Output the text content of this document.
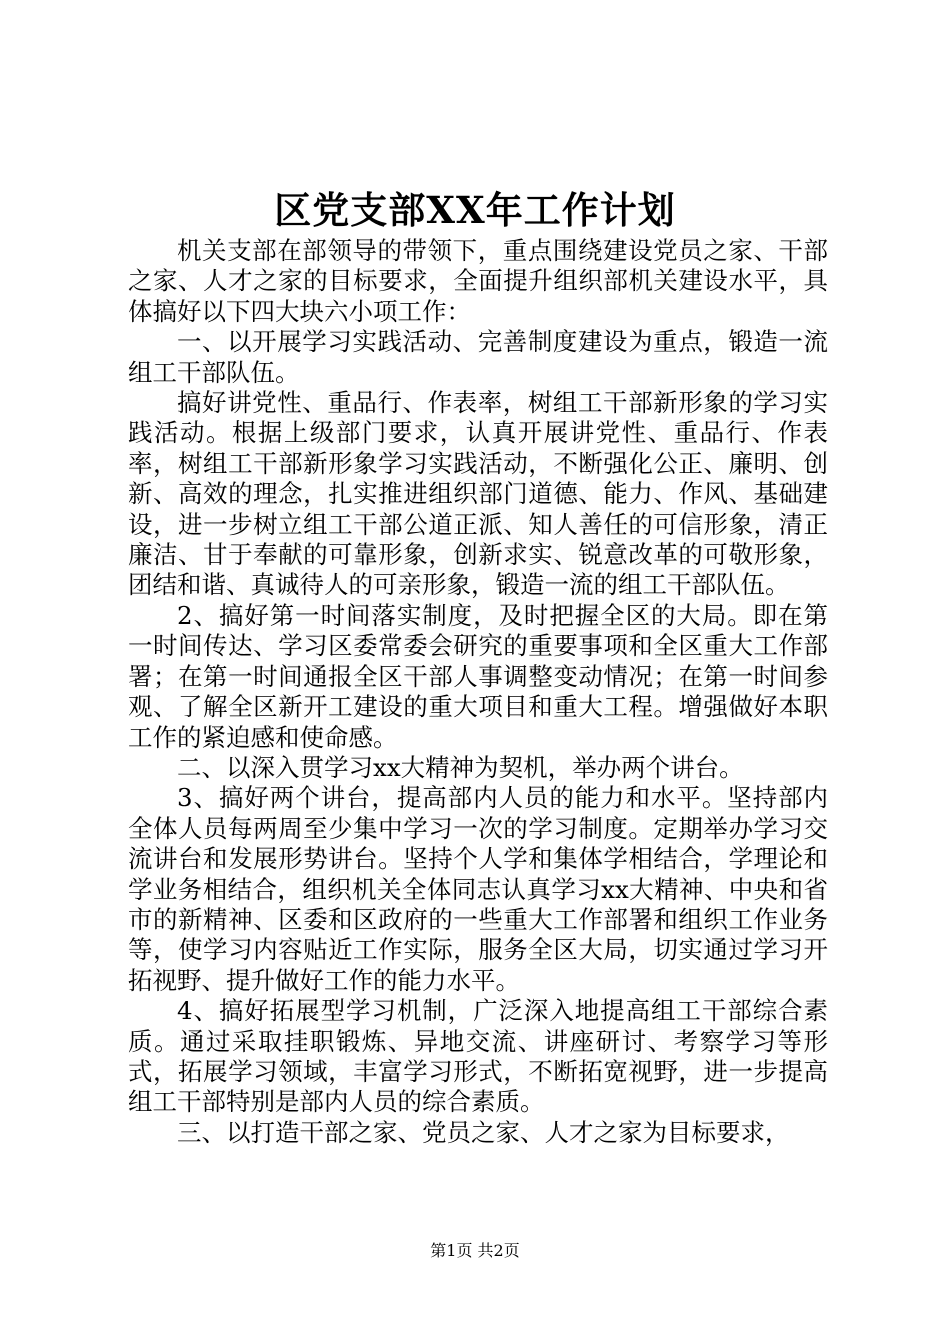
区党支部XX年工作计划

机关支部在部领导的带领下，重点围绕建设党员之家、干部之家、人才之家的目标要求，全面提升组织部机关建设水平，具体搞好以下四大块六小项工作：

一、以开展学习实践活动、完善制度建设为重点，锻造一流组工干部队伍。

搞好讲党性、重品行、作表率，树组工干部新形象的学习实践活动。根据上级部门要求，认真开展讲党性、重品行、作表率，树组工干部新形象学习实践活动，不断强化公正、廉明、创新、高效的理念，扎实推进组织部门道德、能力、作风、基础建设，进一步树立组工干部公道正派、知人善任的可信形象，清正廉洁、甘于奉献的可靠形象，创新求实、锐意改革的可敬形象，团结和谐、真诚待人的可亲形象，锻造一流的组工干部队伍。

2、搞好第一时间落实制度，及时把握全区的大局。即在第一时间传达、学习区委常委会研究的重要事项和全区重大工作部署；在第一时间通报全区干部人事调整变动情况；在第一时间参观、了解全区新开工建设的重大项目和重大工程。增强做好本职工作的紧迫感和使命感。

二、以深入贯学习xx大精神为契机，举办两个讲台。

3、搞好两个讲台，提高部内人员的能力和水平。坚持部内全体人员每两周至少集中学习一次的学习制度。定期举办学习交流讲台和发展形势讲台。坚持个人学和集体学相结合，学理论和学业务相结合，组织机关全体同志认真学习xx大精神、中央和省市的新精神、区委和区政府的一些重大工作部署和组织工作业务等，使学习内容贴近工作实际，服务全区大局，切实通过学习开拓视野、提升做好工作的能力水平。

4、搞好拓展型学习机制，广泛深入地提高组工干部综合素质。通过采取挂职锻炼、异地交流、讲座研讨、考察学习等形式，拓展学习领域，丰富学习形式，不断拓宽视野，进一步提高组工干部特别是部内人员的综合素质。

三、以打造干部之家、党员之家、人才之家为目标要求，

第1页 共2页
